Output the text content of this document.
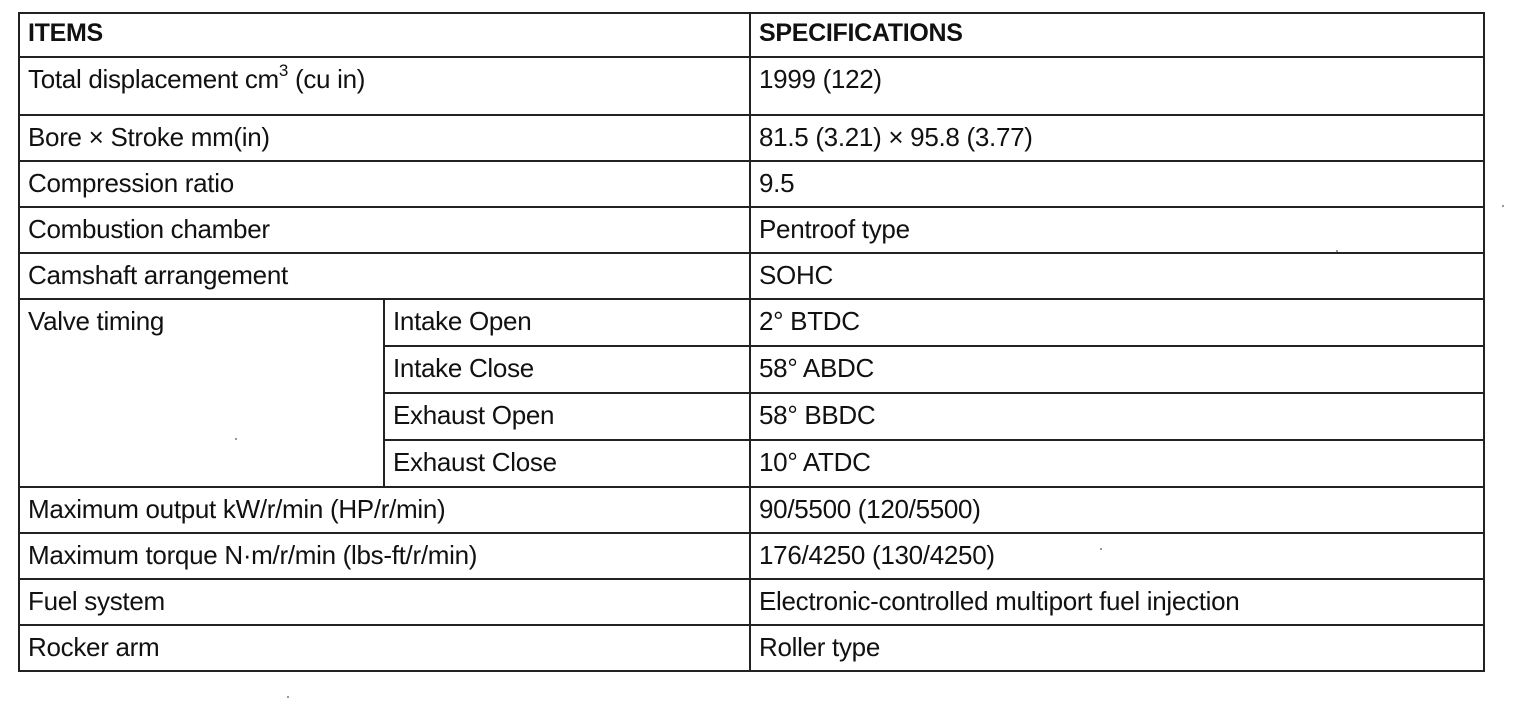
ITEMS		SPECIFICATIONS
Total displacement $cm^3$ (cu in)		1999 (122)
Bore × Stroke mm(in)		81.5 (3.21) × 95.8 (3.77)
Compression ratio		9.5
Combustion chamber		Pentroof type
Camshaft arrangement		SOHC
Valve timing	Intake Open	2° BTDC
	Intake Close	58° ABDC
	Exhaust Open	58° BBDC
	Exhaust Close	10° ATDC
Maximum output kW/r/min (HP/r/min)		90/5500 (120/5500)
Maximum torque N·m/r/min (lbs-ft/r/min)		176/4250 (130/4250)
Fuel system		Electronic-controlled multiport fuel injection
Rocker arm		Roller type
